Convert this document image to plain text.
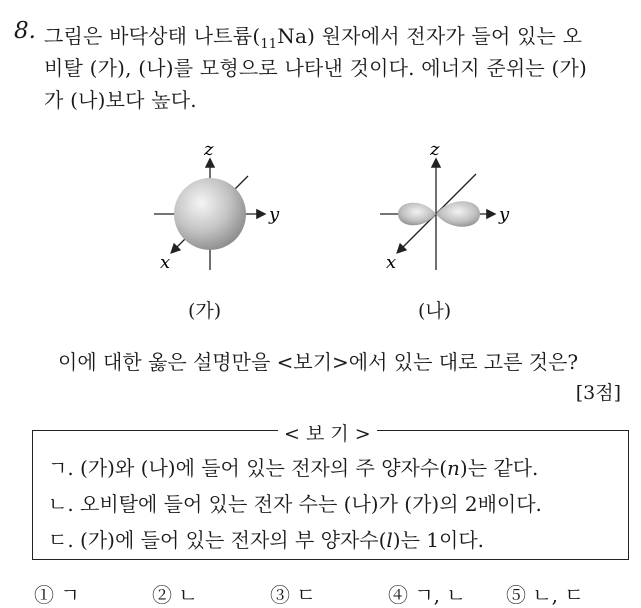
8. 그림은 바닥상태 나트륨$(_{11}Na)$ 원자에서 전자가 들어 있는 오
비탈 (가), (나)를 모형으로 나타낸 것이다. 에너지 준위는 (가)
가 (나)보다 높다.
z
y
x
z
y
x
(가)	(나)
이에 대한 옳은 설명만을 <보기>에서 있는 대로 고른 것은?
[3점]
< 보 기 >
ㄱ. (가)와 (나)에 들어 있는 전자의 주 양자수(n)는 같다.
ㄴ. 오비탈에 들어 있는 전자 수는 (나)가 (가)의 2배이다.
ㄷ. (가)에 들어 있는 전자의 부 양자수(l)는 1이다.
① ㄱ	② ㄴ	③ ㄷ	④ ㄱ, ㄴ ⑤ ㄴ, ㄷ
